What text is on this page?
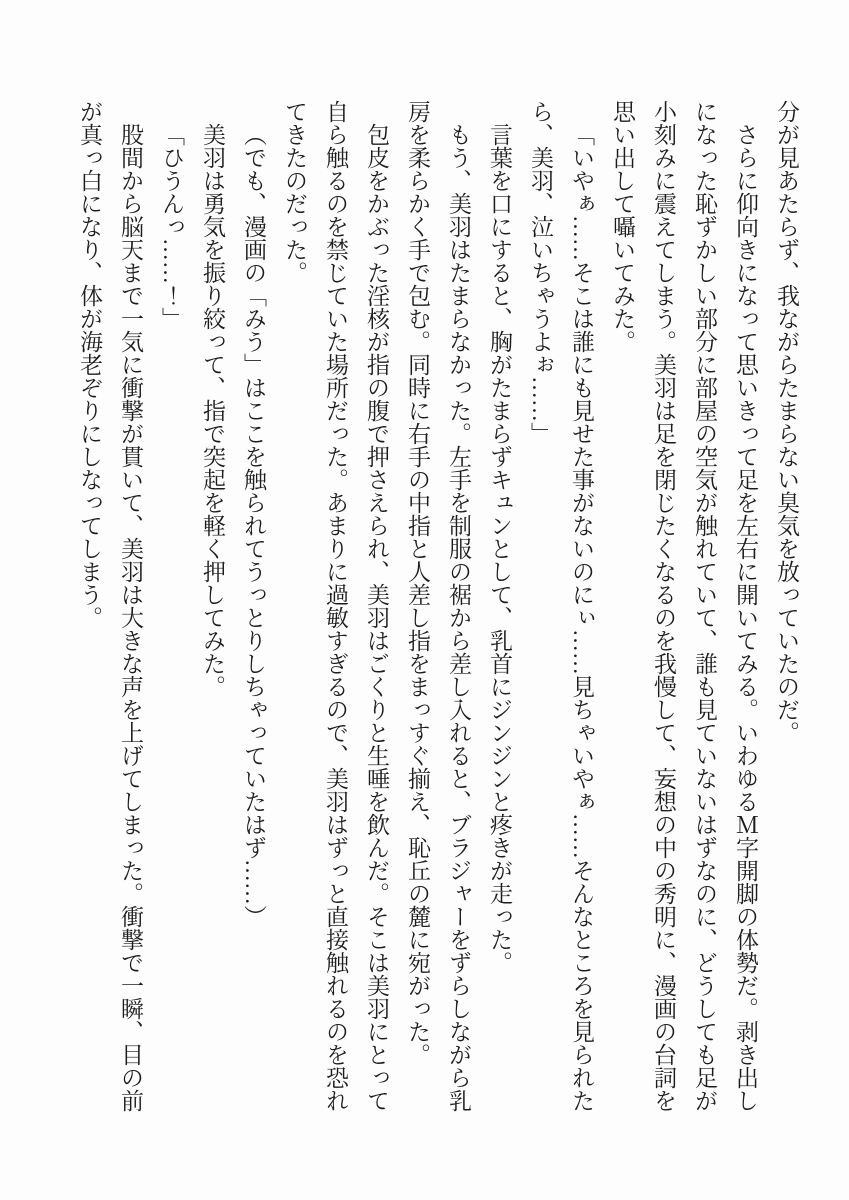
分が見あたらず、我ながらたまらない臭気を放っていたのだ。

さらに仰向きになって思いきって足を左右に開いてみる。いわゆるＭ字開脚の体勢だ。剥き出しになった恥ずかしい部分に部屋の空気が触れていて、誰も見ていないはずなのに、どうしても足が小刻みに震えてしまう。美羽は足を閉じたくなるのを我慢して、妄想の中の秀明に、漫画の台詞を思い出して囁いてみた。

「いやぁ……そこは誰にも見せた事がないのにぃ……見ちゃいやぁ……そんなところを見られたら、美羽、泣いちゃうよぉ……」

言葉を口にすると、胸がたまらずキュンとして、乳首にジンジンと疼きが走った。

もう、美羽はたまらなかった。左手を制服の裾から差し入れると、ブラジャーをずらしながら乳房を柔らかく手で包む。同時に右手の中指と人差し指をまっすぐ揃え、恥丘の麓に宛がった。

包皮をかぶった淫核が指の腹で押さえられ、美羽はごくりと生唾を飲んだ。そこは美羽にとって自ら触るのを禁じていた場所だった。あまりに過敏すぎるので、美羽はずっと直接触れるのを恐れてきたのだった。

（でも、漫画の「みう」はここを触られてうっとりしちゃっていたはず……）

美羽は勇気を振り絞って、指で突起を軽く押してみた。

「ひうんっ……！」

股間から脳天まで一気に衝撃が貫いて、美羽は大きな声を上げてしまった。衝撃で一瞬、目の前が真っ白になり、体が海老ぞりにしなってしまう。
